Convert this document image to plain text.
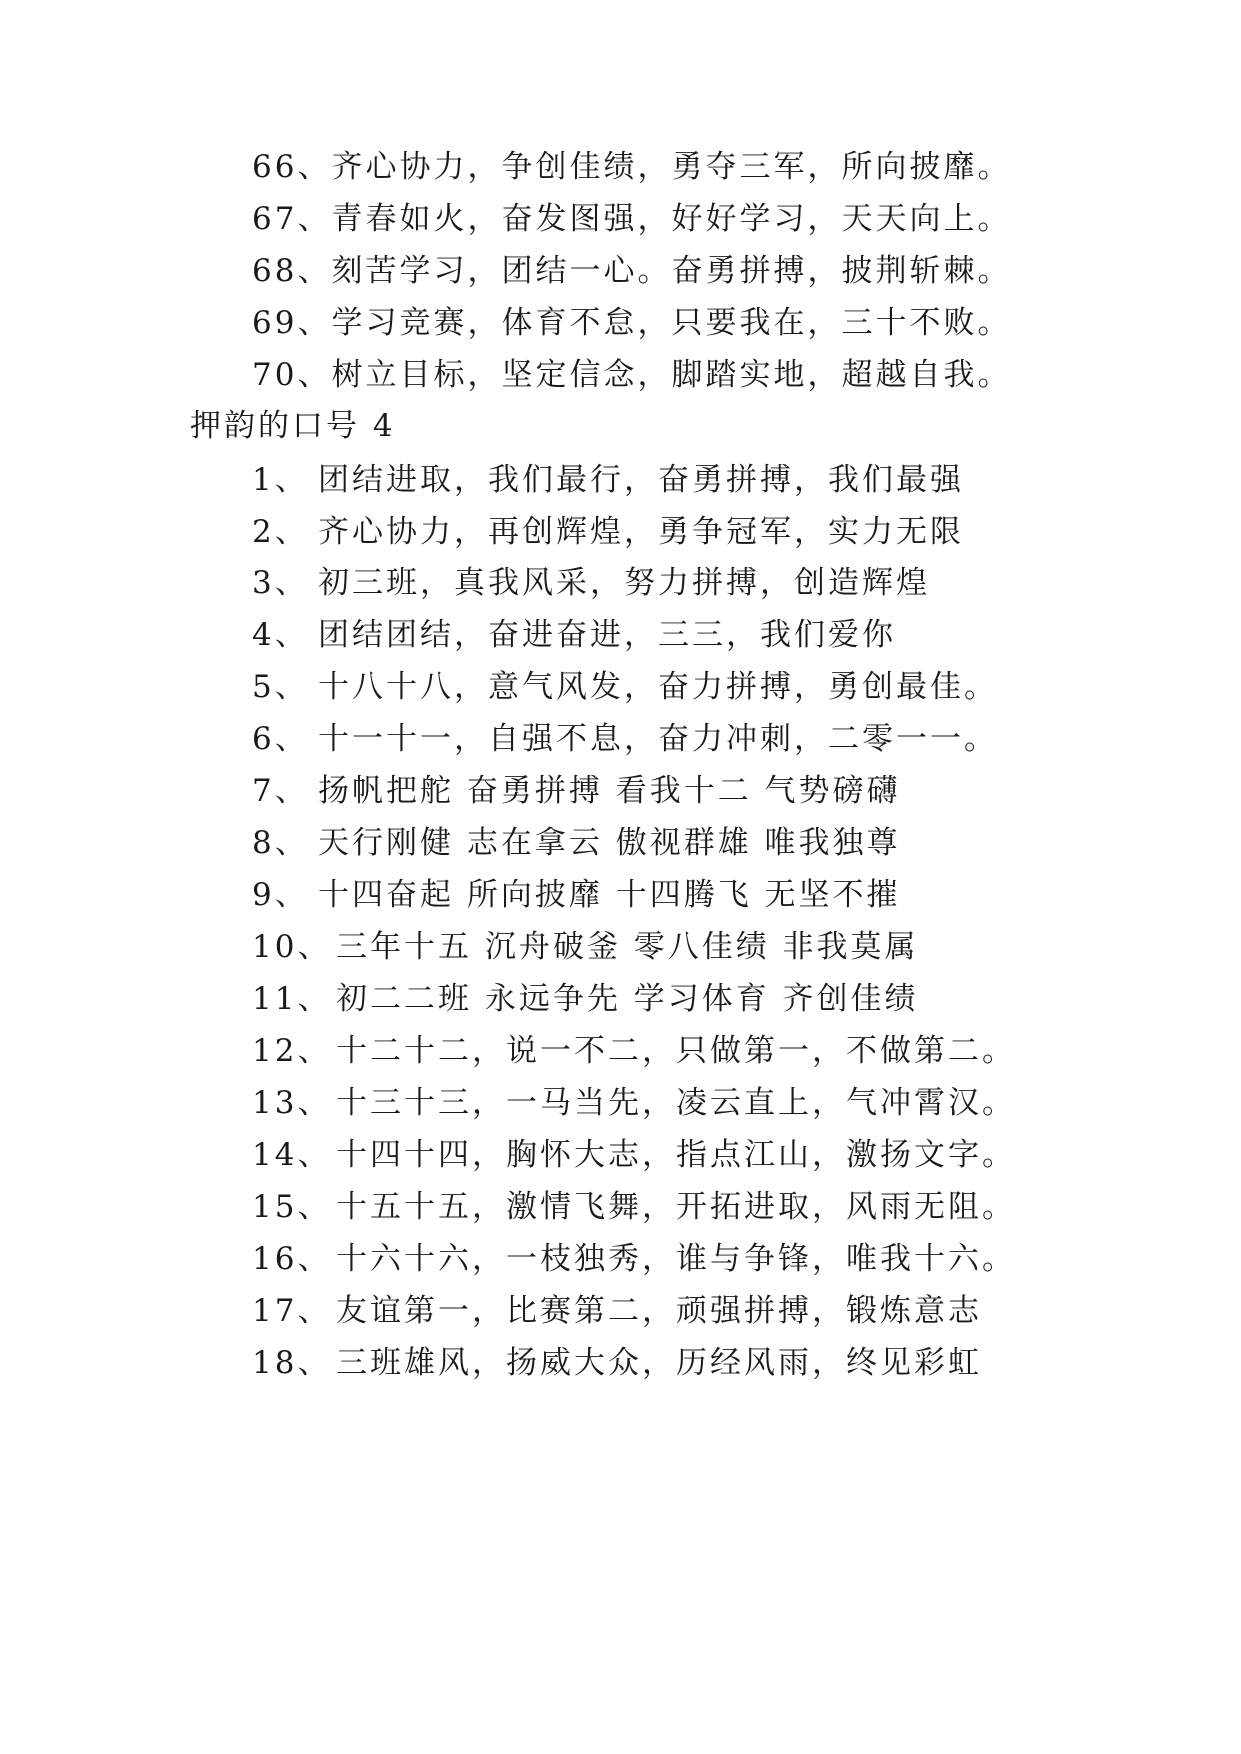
66、齐心协力，争创佳绩，勇夺三军，所向披靡。
67、青春如火，奋发图强，好好学习，天天向上。
68、刻苦学习，团结一心。奋勇拼搏，披荆斩棘。
69、学习竞赛，体育不怠，只要我在，三十不败。
70、树立目标，坚定信念，脚踏实地，超越自我。
押韵的口号 4
1、 团结进取，我们最行，奋勇拼搏，我们最强
2、 齐心协力，再创辉煌，勇争冠军，实力无限
3、 初三班，真我风采，努力拼搏，创造辉煌
4、 团结团结，奋进奋进，三三，我们爱你
5、 十八十八，意气风发，奋力拼搏，勇创最佳。
6、 十一十一，自强不息，奋力冲刺，二零一一。
7、 扬帆把舵 奋勇拼搏 看我十二 气势磅礴
8、 天行刚健 志在拿云 傲视群雄 唯我独尊
9、 十四奋起 所向披靡 十四腾飞 无坚不摧
10、 三年十五 沉舟破釜 零八佳绩 非我莫属
11、 初二二班 永远争先 学习体育 齐创佳绩
12、 十二十二，说一不二，只做第一，不做第二。
13、 十三十三，一马当先，凌云直上，气冲霄汉。
14、 十四十四，胸怀大志，指点江山，激扬文字。
15、 十五十五，激情飞舞，开拓进取，风雨无阻。
16、 十六十六，一枝独秀，谁与争锋，唯我十六。
17、 友谊第一，比赛第二，顽强拼搏，锻炼意志
18、 三班雄风，扬威大众，历经风雨，终见彩虹
